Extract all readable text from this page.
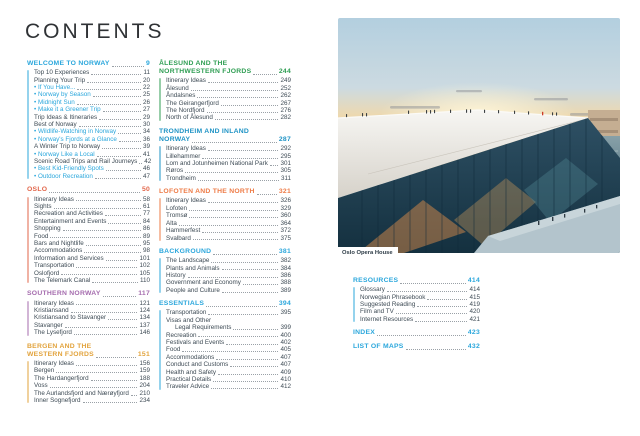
CONTENTS
WELCOME TO NORWAY	9
Top 10 Experiences	11
Planning Your Trip	20
• If You Have...	22
• Norway by Season	25
• Midnight Sun	26
• Make it a Greener Trip	27
Trip Ideas & Itineraries	29
Best of Norway	30
• Wildlife-Watching in Norway	34
• Norway's Fjords at a Glance	36
A Winter Trip to Norway	39
• Norway Like a Local	41
Scenic Road Trips and Rail Journeys 42
• Best Kid-Friendly Spots	46
• Outdoor Recreation	47
OSLO	50
Itinerary Ideas	58
Sights	61
Recreation and Activities	77
Entertainment and Events	84
Shopping	86
Food	89
Bars and Nightlife	95
Accommodations	98
Information and Services	101
Transportation	102
Oslofjord	105
The Telemark Canal	110
SOUTHERN NORWAY	117
Itinerary Ideas	121
Kristiansand	124
Kristiansand to Stavanger	134
Stavanger	137
The Lysefjord	146
BERGEN AND THE
WESTERN FJORDS	151
Itinerary Ideas	156
Bergen	159
The Hardangerfjord	188
Voss	204
The Aurlandsfjord and Nærøyfjord 210
Inner Sognefjord	234
ÅLESUND AND THE
NORTHWESTERN FJORDS	244
Itinerary Ideas	249
Ålesund	252
Åndalsnes	262
The Geirangerfjord	267
The Nordfjord	276
North of Ålesund	282
TRONDHEIM AND INLAND
NORWAY	287
Itinerary Ideas	292
Lillehammer	295
Lom and Jotunheimen National Park 301
Røros	305
Trondheim	311
LOFOTEN AND THE NORTH	321
Itinerary Ideas	326
Lofoten	329
Tromsø	360
Alta	364
Hammerfest	372
Svalbard	375
BACKGROUND	381
The Landscape	382
Plants and Animals	384
History	386
Government and Economy	388
People and Culture	389
ESSENTIALS	394
Transportation	395
Visas and Other
Legal Requirements	399
Recreation	400
Festivals and Events	402
Food	405
Accommodations	407
Conduct and Customs	407
Health and Safety	409
Practical Details	410
Traveler Advice	412
Oslo Opera House
RESOURCES	414
Glossary	414
Norwegian Phrasebook	415
Suggested Reading	419
Film and TV	420
Internet Resources	421
INDEX	423
LIST OF MAPS	432
